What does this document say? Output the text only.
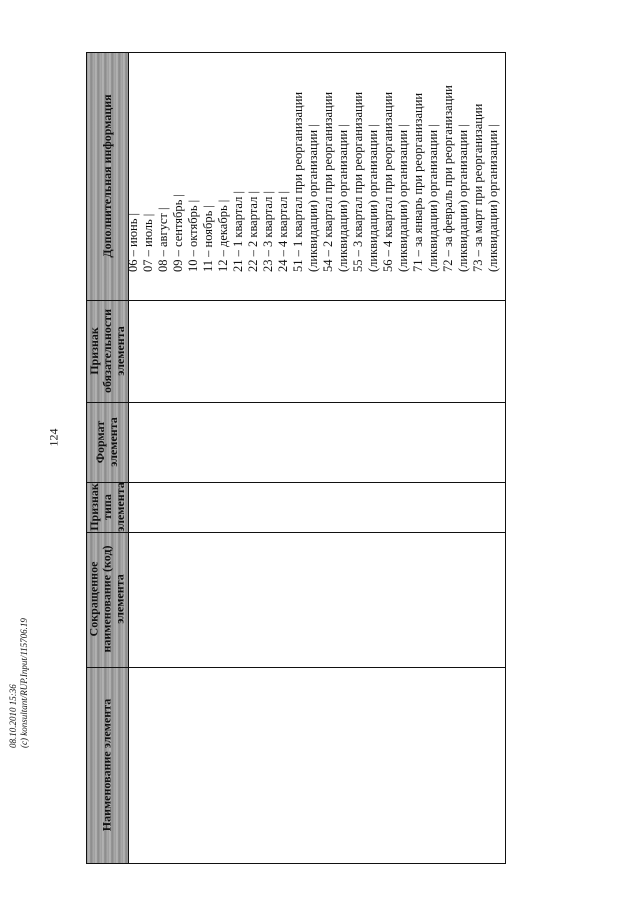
124
08.10.2010 15:36 (c) konsultant/RUP.Input/115706.19
Дополнительная информация
Признак обязательности элемента
Формат элемента
Признак типа элемента
Сокращенное наименование (код) элемента
Наименование элемента
06 – июнь | 07 – июль | 08 – август | 09 – сентябрь | 10 – октябрь | 11 – ноябрь | 12 – декабрь | 21 – 1 квартал | 22 – 2 квартал | 23 – 3 квартал | 24 – 4 квартал | 51 – 1 квартал при реорганизации (ликвидации) организации | 54 – 2 квартал при реорганизации (ликвидации) организации | 55 – 3 квартал при реорганизации (ликвидации) организации | 56 – 4 квартал при реорганизации (ликвидации) организации | 71 – за январь при реорганизации (ликвидации) организации | 72 – за февраль при реорганизации (ликвидации) организации | 73 – за март при реорганизации (ликвидации) организации |
